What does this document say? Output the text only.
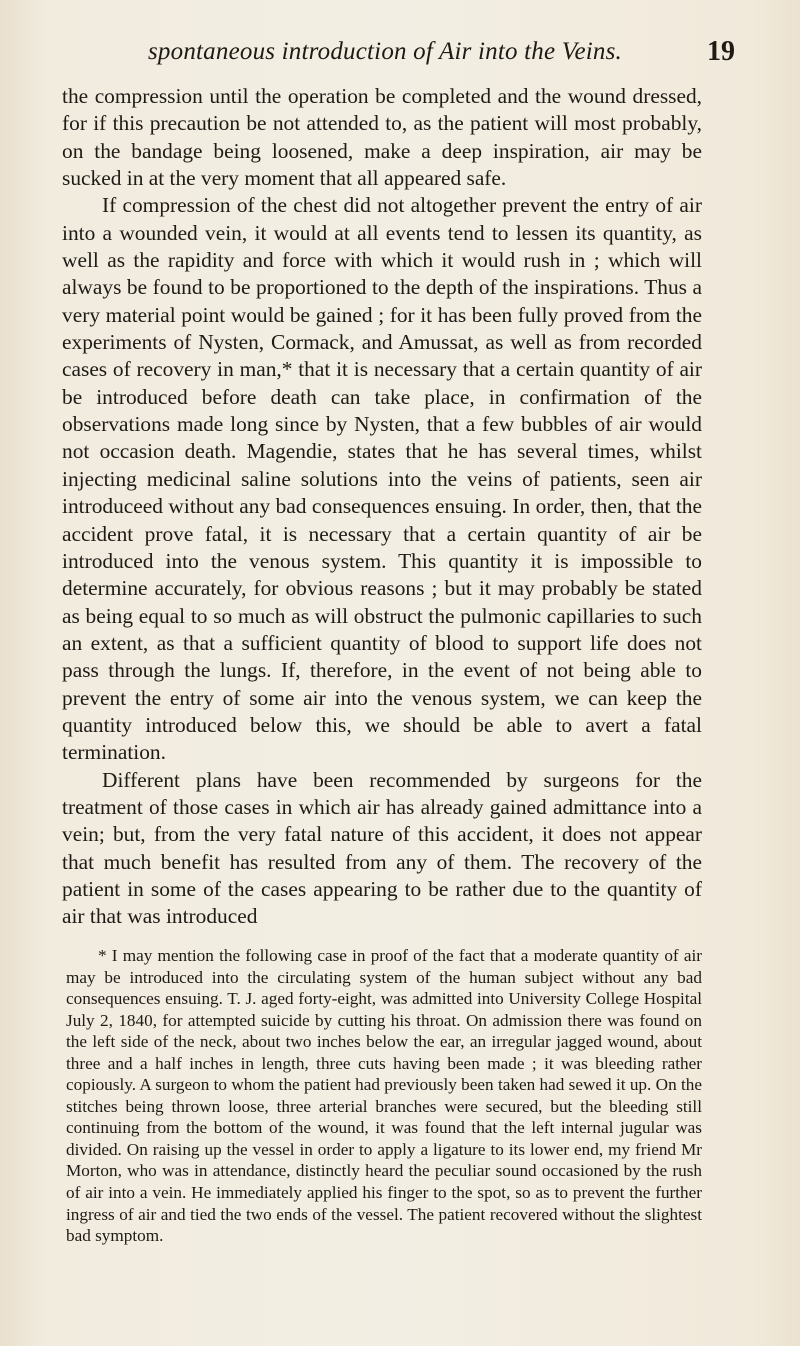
spontaneous introduction of Air into the Veins.	19

the compression until the operation be completed and the wound dressed, for if this precaution be not attended to, as the patient will most probably, on the bandage being loosened, make a deep inspiration, air may be sucked in at the very moment that all appeared safe.

If compression of the chest did not altogether prevent the entry of air into a wounded vein, it would at all events tend to lessen its quantity, as well as the rapidity and force with which it would rush in ; which will always be found to be proportioned to the depth of the inspirations. Thus a very material point would be gained ; for it has been fully proved from the experiments of Nysten, Cormack, and Amussat, as well as from recorded cases of recovery in man,* that it is necessary that a certain quantity of air be introduced before death can take place, in confirmation of the observations made long since by Nysten, that a few bubbles of air would not occasion death. Magendie, states that he has several times, whilst injecting medicinal saline solutions into the veins of patients, seen air introduceed without any bad consequences ensuing. In order, then, that the accident prove fatal, it is necessary that a certain quantity of air be introduced into the venous system. This quantity it is impossible to determine accurately, for obvious reasons ; but it may probably be stated as being equal to so much as will obstruct the pulmonic capillaries to such an extent, as that a sufficient quantity of blood to support life does not pass through the lungs. If, therefore, in the event of not being able to prevent the entry of some air into the venous system, we can keep the quantity introduced below this, we should be able to avert a fatal termination.

Different plans have been recommended by surgeons for the treatment of those cases in which air has already gained admittance into a vein; but, from the very fatal nature of this accident, it does not appear that much benefit has resulted from any of them. The recovery of the patient in some of the cases appearing to be rather due to the quantity of air that was introduced

* I may mention the following case in proof of the fact that a moderate quantity of air may be introduced into the circulating system of the human subject without any bad consequences ensuing. T. J. aged forty-eight, was admitted into University College Hospital July 2, 1840, for attempted suicide by cutting his throat. On admission there was found on the left side of the neck, about two inches below the ear, an irregular jagged wound, about three and a half inches in length, three cuts having been made ; it was bleeding rather copiously. A surgeon to whom the patient had previously been taken had sewed it up. On the stitches being thrown loose, three arterial branches were secured, but the bleeding still continuing from the bottom of the wound, it was found that the left internal jugular was divided. On raising up the vessel in order to apply a ligature to its lower end, my friend Mr Morton, who was in attendance, distinctly heard the peculiar sound occasioned by the rush of air into a vein. He immediately applied his finger to the spot, so as to prevent the further ingress of air and tied the two ends of the vessel. The patient recovered without the slightest bad symptom.
